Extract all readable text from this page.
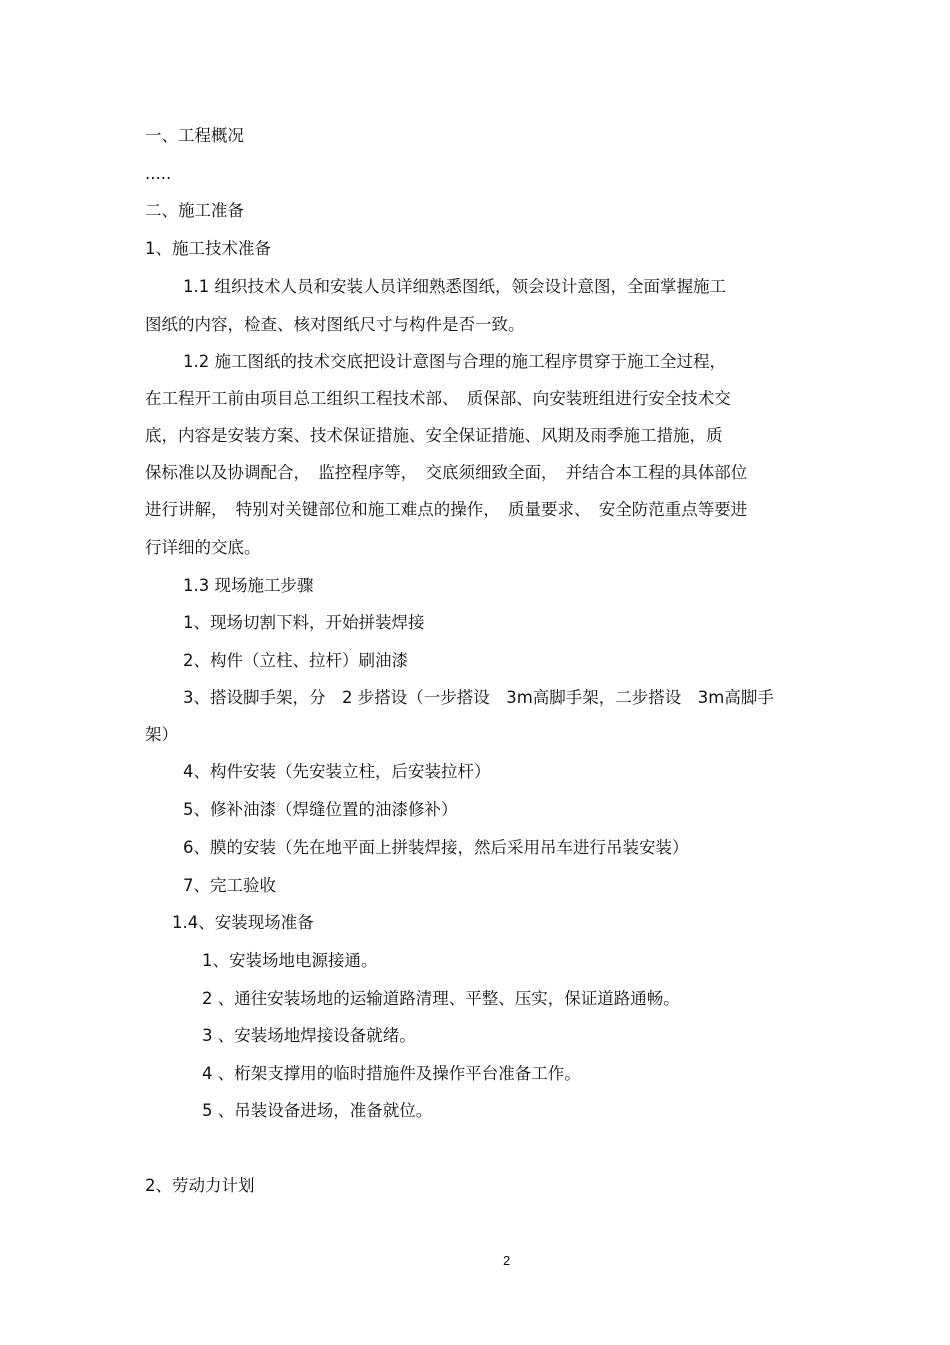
一、工程概况
.....
二、施工准备
1、施工技术准备
1.1 组织技术人员和安装人员详细熟悉图纸，领会设计意图，全面掌握施工
图纸的内容，检查、核对图纸尺寸与构件是否一致。
1.2 施工图纸的技术交底把设计意图与合理的施工程序贯穿于施工全过程，
在工程开工前由项目总工组织工程技术部、　质保部、向安装班组进行安全技术交
底，内容是安装方案、技术保证措施、安全保证措施、风期及雨季施工措施，质
保标准以及协调配合，　监控程序等，　交底须细致全面，　并结合本工程的具体部位
进行讲解，　特别对关键部位和施工难点的操作，　质量要求、　安全防范重点等要进
行详细的交底。
1.3 现场施工步骤
1、现场切割下料，开始拼装焊接
2、构件（立柱、拉杆）刷油漆
3、搭设脚手架，分　2 步搭设（一步搭设　3m高脚手架，二步搭设　3m高脚手
架）
4、构件安装（先安装立柱，后安装拉杆）
5、修补油漆（焊缝位置的油漆修补）
6、膜的安装（先在地平面上拼装焊接，然后采用吊车进行吊装安装）
7、完工验收
1.4、安装现场准备
1、安装场地电源接通。
2 、通往安装场地的运输道路清理、平整、压实，保证道路通畅。
3 、安装场地焊接设备就绪。
4 、桁架支撑用的临时措施件及操作平台准备工作。
5 、吊装设备进场，准备就位。
2、劳动力计划
2
